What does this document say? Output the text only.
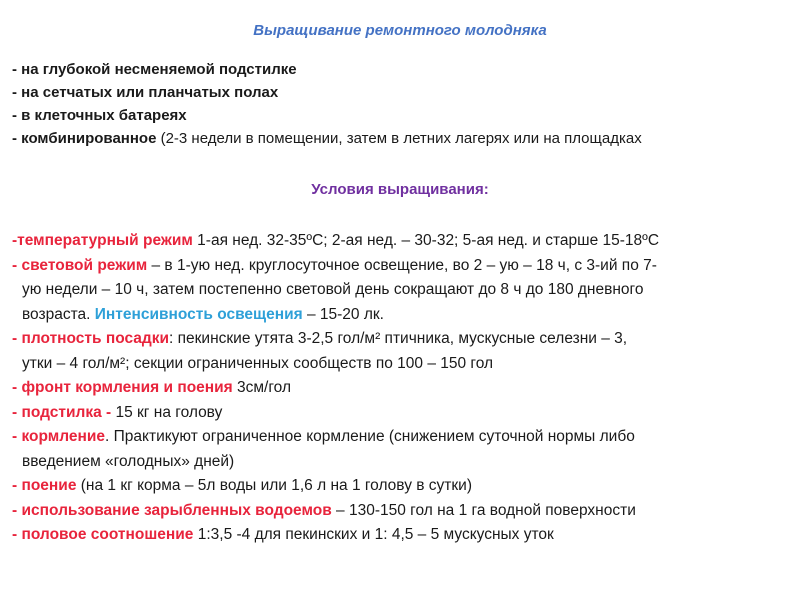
Выращивание ремонтного молодняка
- на глубокой несменяемой подстилке
- на сетчатых или планчатых полах
- в клеточных батареях
- комбинированное (2-3 недели в помещении, затем в летних лагерях или на площадках
Условия выращивания:
-температурный режим 1-ая нед. 32-35ºС; 2-ая нед. – 30-32; 5-ая нед. и старше 15-18ºС
- световой режим – в 1-ую нед. круглосуточное освещение, во 2 – ую – 18 ч, с 3-ий по 7-
ую недели – 10 ч, затем постепенно световой день сокращают до 8 ч до 180 дневного
возраста. Интенсивность освещения – 15-20 лк.
- плотность посадки: пекинские утята 3-2,5 гол/м² птичника, мускусные селезни – 3,
утки – 4 гол/м²; секции ограниченных сообществ по 100 – 150 гол
- фронт кормления и поения 3см/гол
- подстилка - 15 кг на голову
- кормление. Практикуют ограниченное кормление (снижением суточной нормы либо
введением «голодных» дней)
- поение (на 1 кг корма – 5л воды или 1,6 л на 1 голову в сутки)
- использование зарыбленных водоемов – 130-150 гол на 1 га водной поверхности
- половое соотношение 1:3,5 -4 для пекинских и 1: 4,5 – 5 мускусных уток
